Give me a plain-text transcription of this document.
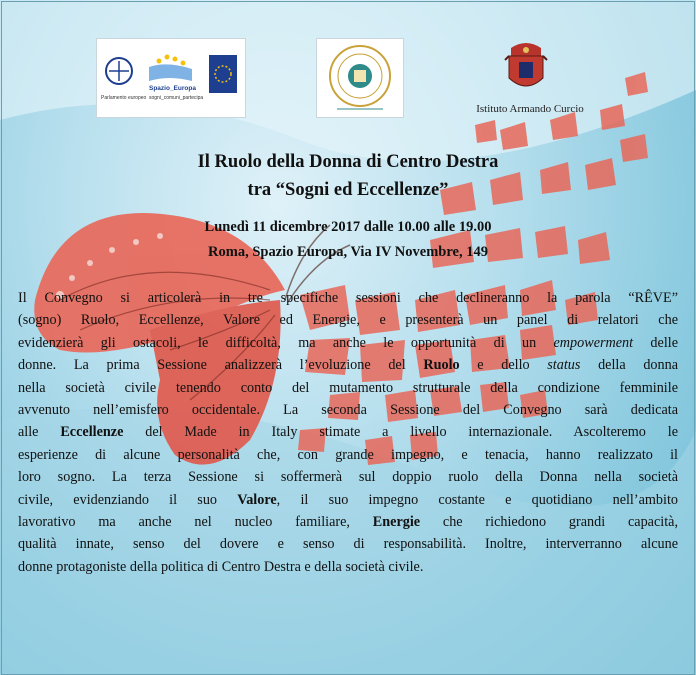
Parlamento europeo
Spazio_Europa
sogni_comuni_partecipa
Istituto Armando Curcio
Il Ruolo della Donna di Centro Destra
tra “Sogni ed Eccellenze”
Lunedì 11 dicembre 2017 dalle 10.00 alle 19.00
Roma, Spazio Europa, Via IV Novembre, 149
Il Convegno si articolerà in tre specifiche sessioni che declineranno la parola “RÊVE”
(sogno) Ruolo, Eccellenze, Valore ed Energie, e presenterà un panel di relatori che
evidenzierà gli ostacoli, le difficoltà, ma anche le opportunità di un empowerment delle
donne. La prima Sessione analizzerà l’evoluzione del Ruolo e dello status della donna
nella società civile tenendo conto del mutamento strutturale della condizione femminile
avvenuto nell’emisfero occidentale. La seconda Sessione del Convegno sarà dedicata
alle Eccellenze del Made in Italy stimate a livello internazionale. Ascolteremo le
esperienze di alcune personalità che, con grande impegno, e tenacia, hanno realizzato il
loro sogno. La terza Sessione si soffermerà sul doppio ruolo della Donna nella società
civile, evidenziando il suo Valore, il suo impegno costante e quotidiano nell’ambito
lavorativo ma anche nel nucleo familiare, Energie che richiedono grandi capacità,
qualità innate, senso del dovere e senso di responsabilità. Inoltre, interverranno alcune
donne protagoniste della politica di Centro Destra e della società civile.
